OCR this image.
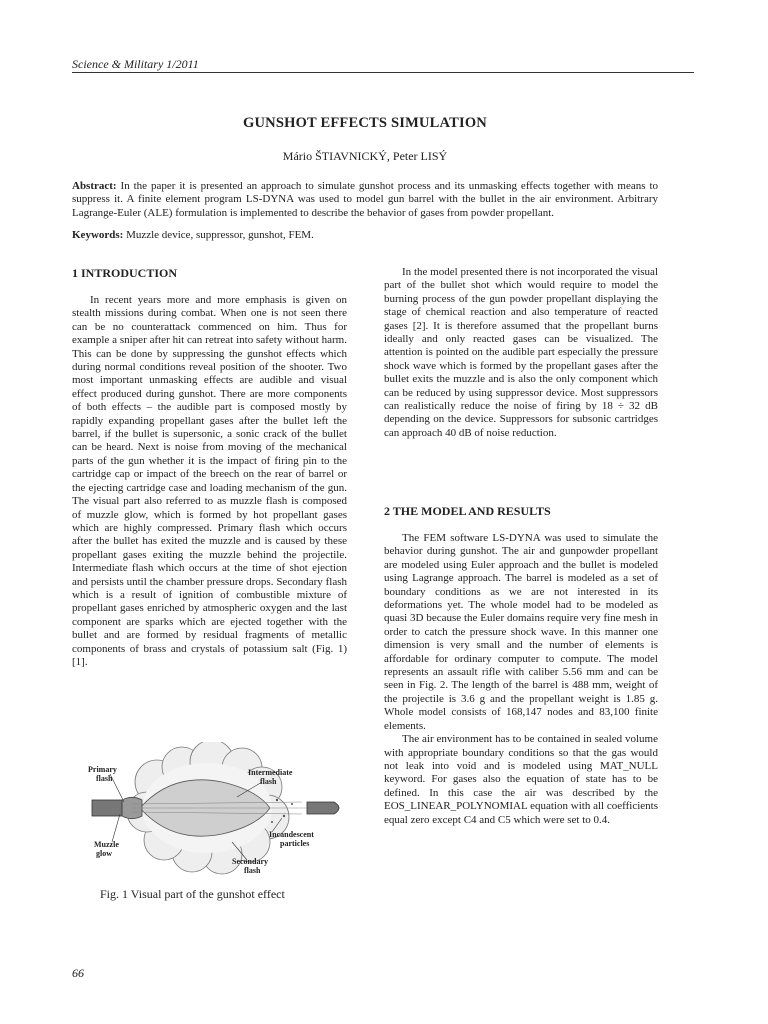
Science & Military 1/2011
GUNSHOT EFFECTS SIMULATION
Mário ŠTIAVNICKÝ, Peter LISÝ
Abstract: In the paper it is presented an approach to simulate gunshot process and its unmasking effects together with means to suppress it. A finite element program LS-DYNA was used to model gun barrel with the bullet in the air environment. Arbitrary Lagrange-Euler (ALE) formulation is implemented to describe the behavior of gases from powder propellant.
Keywords: Muzzle device, suppressor, gunshot, FEM.
1 INTRODUCTION

In recent years more and more emphasis is given on stealth missions during combat. When one is not seen there can be no counterattack commenced on him. Thus for example a sniper after hit can retreat into safety without harm. This can be done by suppressing the gunshot effects which during normal conditions reveal position of the shooter. Two most important unmasking effects are audible and visual effect produced during gunshot. There are more components of both effects – the audible part is composed mostly by rapidly expanding propellant gases after the bullet left the barrel, if the bullet is supersonic, a sonic crack of the bullet can be heard. Next is noise from moving of the mechanical parts of the gun whether it is the impact of firing pin to the cartridge cap or impact of the breech on the rear of barrel or the ejecting cartridge case and loading mechanism of the gun. The visual part also referred to as muzzle flash is composed of muzzle glow, which is formed by hot propellant gases which are highly compressed. Primary flash which occurs after the bullet has exited the muzzle and is caused by these propellant gases exiting the muzzle behind the projectile. Intermediate flash which occurs at the time of shot ejection and persists until the chamber pressure drops. Secondary flash which is a result of ignition of combustible mixture of propellant gases enriched by atmospheric oxygen and the last component are sparks which are ejected together with the bullet and are formed by residual fragments of metallic components of brass and crystals of potassium salt (Fig. 1) [1].

Primary
flash
Intermediate
flash
Incandescent
particles
Muzzle
glow
Secondary
flash
Fig. 1 Visual part of the gunshot effect

In the model presented there is not incorporated the visual part of the bullet shot which would require to model the burning process of the gun powder propellant displaying the stage of chemical reaction and also temperature of reacted gases [2]. It is therefore assumed that the propellant burns ideally and only reacted gases can be visualized. The attention is pointed on the audible part especially the pressure shock wave which is formed by the propellant gases after the bullet exits the muzzle and is also the only component which can be reduced by using suppressor device. Most suppressors can realistically reduce the noise of firing by 18 ÷ 32 dB depending on the device. Suppressors for subsonic cartridges can approach 40 dB of noise reduction.

2 THE MODEL AND RESULTS

The FEM software LS-DYNA was used to simulate the behavior during gunshot. The air and gunpowder propellant are modeled using Euler approach and the bullet is modeled using Lagrange approach. The barrel is modeled as a set of boundary conditions as we are not interested in its deformations yet. The whole model had to be modeled as quasi 3D because the Euler domains require very fine mesh in order to catch the pressure shock wave. In this manner one dimension is very small and the number of elements is affordable for ordinary computer to compute. The model represents an assault rifle with caliber 5.56 mm and can be seen in Fig. 2. The length of the barrel is 488 mm, weight of the projectile is 3.6 g and the propellant weight is 1.85 g. Whole model consists of 168,147 nodes and 83,100 finite elements.

The air environment has to be contained in sealed volume with appropriate boundary conditions so that the gas would not leak into void and is modeled using MAT_NULL keyword. For gases also the equation of state has to be defined. In this case the air was described by the EOS_LINEAR_POLYNOMIAL equation with all coefficients equal zero except C4 and C5 which were set to 0.4.

66
